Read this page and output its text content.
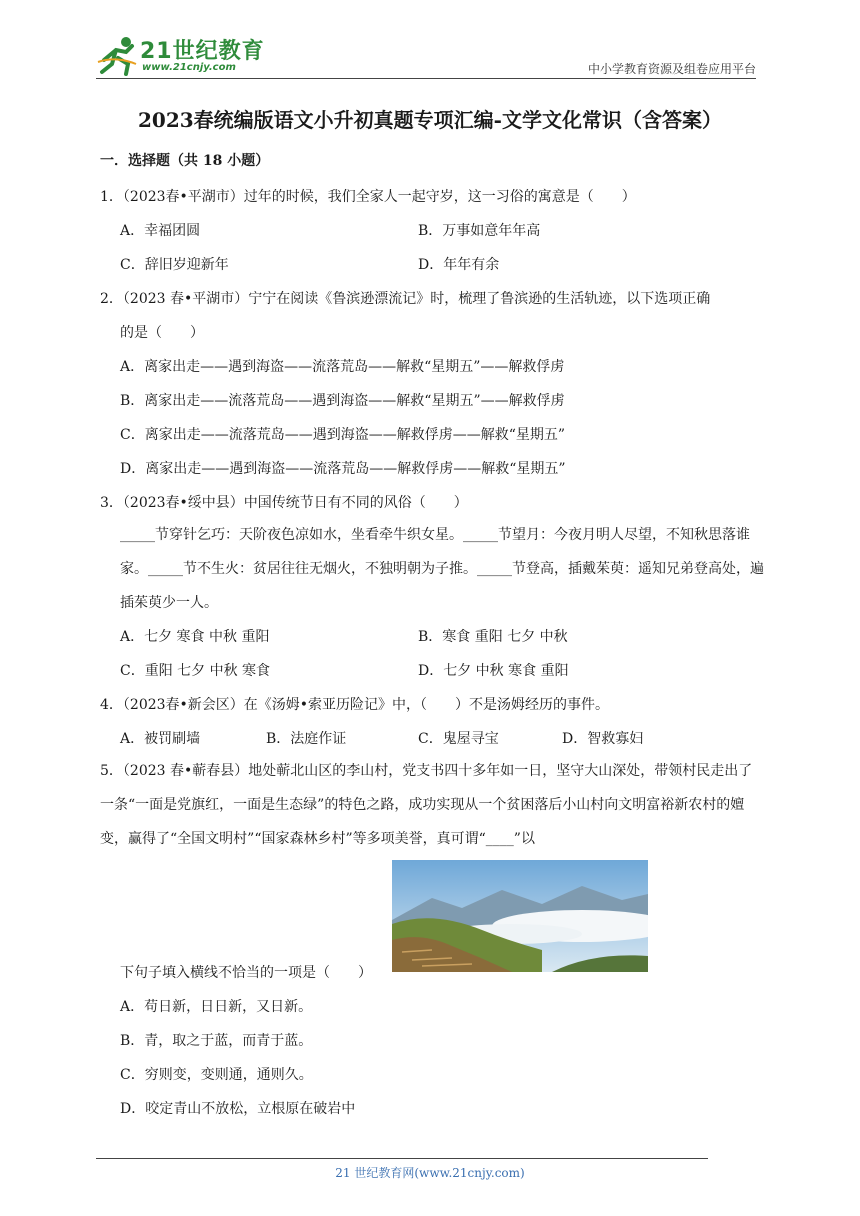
21世纪教育
www.21cnjy.com	中小学教育资源及组卷应用平台
2023春统编版语文小升初真题专项汇编-文学文化常识（含答案）
一．选择题（共 18 小题）
1．（2023春•平湖市）过年的时候，我们全家人一起守岁，这一习俗的寓意是（　　）
A．幸福团圆	B．万事如意年年高
C．辞旧岁迎新年	D．年年有余
2．（2023 春•平湖市）宁宁在阅读《鲁滨逊漂流记》时，梳理了鲁滨逊的生活轨迹，以下选项正确
的是（　　）
A．离家出走——遇到海盗——流落荒岛——解救“星期五”——解救俘虏
B．离家出走——流落荒岛——遇到海盗——解救“星期五”——解救俘虏
C．离家出走——流落荒岛——遇到海盗——解救俘虏——解救“星期五”
D．离家出走——遇到海盗——流落荒岛——解救俘虏——解救“星期五”
3．（2023春•绥中县）中国传统节日有不同的风俗（　　）
_____节穿针乞巧：天阶夜色凉如水，坐看牵牛织女星。_____节望月：今夜月明人尽望，不知秋思落谁家。_____节不生火：贫居往往无烟火，不独明朝为子推。_____节登高，插戴茱萸：遥知兄弟登高处，遍插茱萸少一人。
A．七夕 寒食 中秋 重阳	B．寒食 重阳 七夕 中秋
C．重阳 七夕 中秋 寒食	D．七夕 中秋 寒食 重阳
4．（2023春•新会区）在《汤姆•索亚历险记》中，（　　）不是汤姆经历的事件。
A．被罚刷墙	B．法庭作证	C．鬼屋寻宝	D．智救寡妇
5．（2023 春•蕲春县）地处蕲北山区的李山村，党支书四十多年如一日，坚守大山深处，带领村民走出了一条“一面是党旗红，一面是生态绿”的特色之路，成功实现从一个贫困落后小山村向文明富裕新农村的嬗变，赢得了“全国文明村”“国家森林乡村”等多项美誉，真可谓“____”以
下句子填入横线不恰当的一项是（　　）
A．苟日新，日日新，又日新。
B．青，取之于蓝，而青于蓝。
C．穷则变，变则通，通则久。
D．咬定青山不放松，立根原在破岩中
21 世纪教育网(www.21cnjy.com)
